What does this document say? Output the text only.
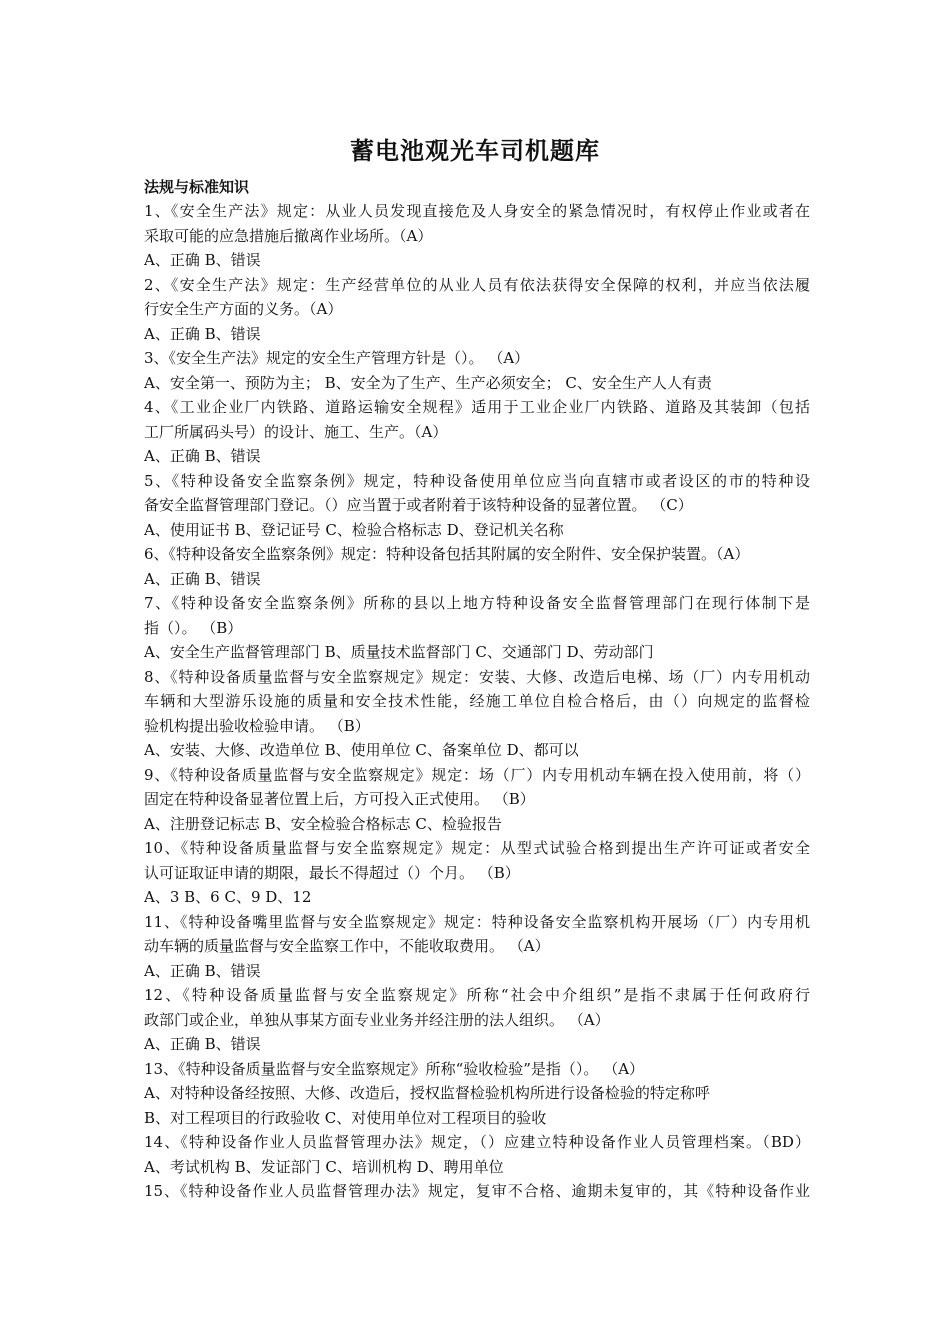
蓄电池观光车司机题库
法规与标准知识
1、《安全生产法》规定：从业人员发现直接危及人身安全的紧急情况时，有权停止作业或者在
采取可能的应急措施后撤离作业场所。（A）
A、正确 B、错误
2、《安全生产法》规定：生产经营单位的从业人员有依法获得安全保障的权利，并应当依法履
行安全生产方面的义务。（A）
A、正确 B、错误
3、《安全生产法》规定的安全生产管理方针是（）。 （A）
A、安全第一、预防为主； B、安全为了生产、生产必须安全； C、安全生产人人有责
4、《工业企业厂内铁路、道路运输安全规程》适用于工业企业厂内铁路、道路及其装卸（包括
工厂所属码头号）的设计、施工、生产。（A）
A、正确 B、错误
5、《特种设备安全监察条例》规定，特种设备使用单位应当向直辖市或者设区的市的特种设
备安全监督管理部门登记。（）应当置于或者附着于该特种设备的显著位置。 （C）
A、使用证书 B、登记证号 C、检验合格标志 D、登记机关名称
6、《特种设备安全监察条例》规定：特种设备包括其附属的安全附件、安全保护装置。（A）
A、正确 B、错误
7、《特种设备安全监察条例》所称的县以上地方特种设备安全监督管理部门在现行体制下是
指（）。 （B）
A、安全生产监督管理部门 B、质量技术监督部门 C、交通部门 D、劳动部门
8、《特种设备质量监督与安全监察规定》规定：安装、大修、改造后电梯、场（厂）内专用机动
车辆和大型游乐设施的质量和安全技术性能，经施工单位自检合格后，由（）向规定的监督检
验机构提出验收检验申请。 （B）
A、安装、大修、改造单位 B、使用单位 C、备案单位 D、都可以
9、《特种设备质量监督与安全监察规定》规定：场（厂）内专用机动车辆在投入使用前，将（）
固定在特种设备显著位置上后，方可投入正式使用。 （B）
A、注册登记标志 B、安全检验合格标志 C、检验报告
10、《特种设备质量监督与安全监察规定》规定：从型式试验合格到提出生产许可证或者安全
认可证取证申请的期限，最长不得超过（）个月。 （B）
A、3 B、6 C、9 D、12
11、《特种设备嘴里监督与安全监察规定》规定：特种设备安全监察机构开展场（厂）内专用机
动车辆的质量监督与安全监察工作中，不能收取费用。 （A）
A、正确 B、错误
12、《特种设备质量监督与安全监察规定》所称“社会中介组织”是指不隶属于任何政府行
政部门或企业，单独从事某方面专业业务并经注册的法人组织。 （A）
A、正确 B、错误
13、《特种设备质量监督与安全监察规定》所称“验收检验”是指（）。 （A）
A、对特种设备经按照、大修、改造后，授权监督检验机构所进行设备检验的特定称呼
B、对工程项目的行政验收 C、对使用单位对工程项目的验收
14、《特种设备作业人员监督管理办法》规定，（）应建立特种设备作业人员管理档案。（BD）
A、考试机构 B、发证部门 C、培训机构 D、聘用单位
15、《特种设备作业人员监督管理办法》规定，复审不合格、逾期未复审的，其《特种设备作业
